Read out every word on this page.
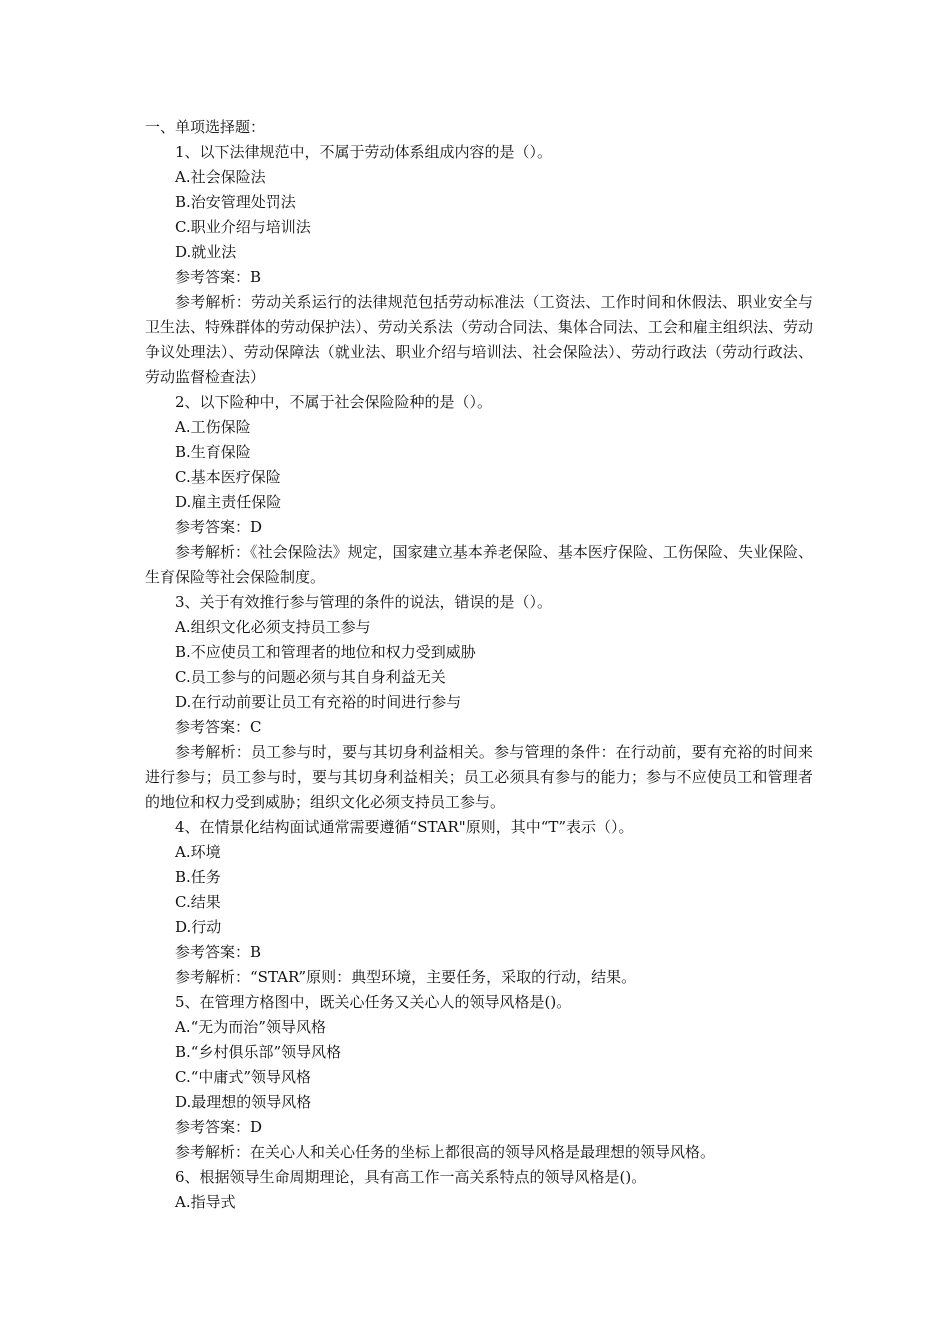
一、单项选择题：
1、以下法律规范中，不属于劳动体系组成内容的是（）。
A.社会保险法
B.治安管理处罚法
C.职业介绍与培训法
D.就业法
参考答案：B
参考解析：劳动关系运行的法律规范包括劳动标准法（工资法、工作时间和休假法、职业安全与卫生法、特殊群体的劳动保护法）、劳动关系法（劳动合同法、集体合同法、工会和雇主组织法、劳动争议处理法）、劳动保障法（就业法、职业介绍与培训法、社会保险法）、劳动行政法（劳动行政法、劳动监督检查法）
2、以下险种中，不属于社会保险险种的是（）。
A.工伤保险
B.生育保险
C.基本医疗保险
D.雇主责任保险
参考答案：D
参考解析：《社会保险法》规定，国家建立基本养老保险、基本医疗保险、工伤保险、失业保险、生育保险等社会保险制度。
3、关于有效推行参与管理的条件的说法，错误的是（）。
A.组织文化必须支持员工参与
B.不应使员工和管理者的地位和权力受到威胁
C.员工参与的问题必须与其自身利益无关
D.在行动前要让员工有充裕的时间进行参与
参考答案：C
参考解析：员工参与时，要与其切身利益相关。参与管理的条件：在行动前，要有充裕的时间来进行参与；员工参与时，要与其切身利益相关；员工必须具有参与的能力；参与不应使员工和管理者的地位和权力受到威胁；组织文化必须支持员工参与。
4、在情景化结构面试通常需要遵循“STAR"原则，其中“T”表示（）。
A.环境
B.任务
C.结果
D.行动
参考答案：B
参考解析：“STAR”原则：典型环境，主要任务，采取的行动，结果。
5、在管理方格图中，既关心任务又关心人的领导风格是()。
A.“无为而治”领导风格
B.“乡村俱乐部”领导风格
C.“中庸式”领导风格
D.最理想的领导风格
参考答案：D
参考解析：在关心人和关心任务的坐标上都很高的领导风格是最理想的领导风格。
6、根据领导生命周期理论，具有高工作一高关系特点的领导风格是()。
A.指导式
